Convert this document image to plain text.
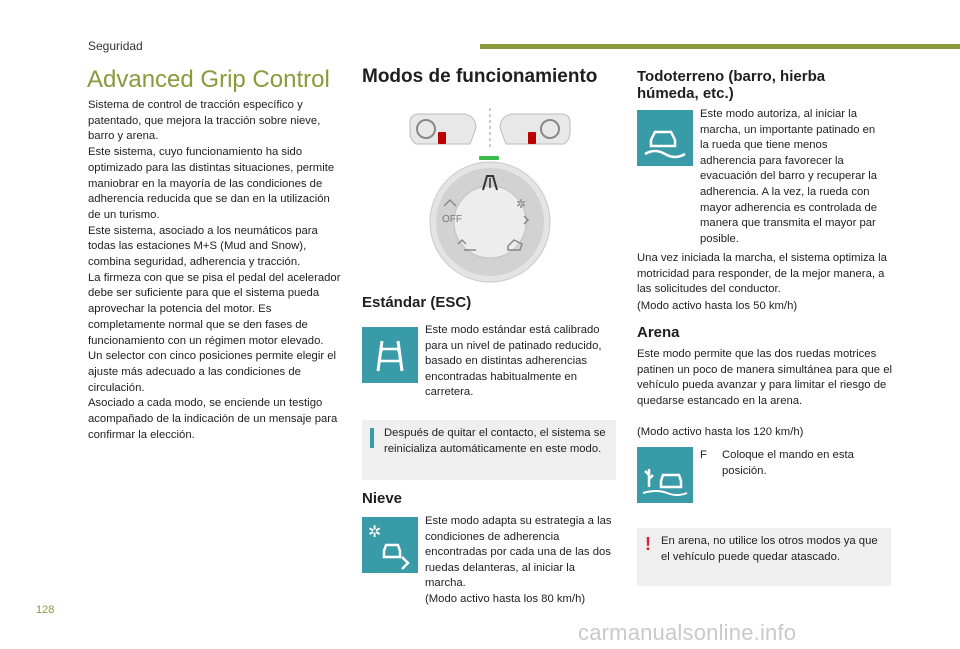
Seguridad
Advanced Grip Control

Sistema de control de tracción específico y patentado, que mejora la tracción sobre nieve, barro y arena.

Este sistema, cuyo funcionamiento ha sido optimizado para las distintas situaciones, permite maniobrar en la mayoría de las condiciones de adherencia reducida que se dan en la utilización de un turismo.

Este sistema, asociado a los neumáticos para todas las estaciones M+S (Mud and Snow), combina seguridad, adherencia y tracción.

La firmeza con que se pisa el pedal del acelerador debe ser suficiente para que el sistema pueda aprovechar la potencia del motor. Es completamente normal que se den fases de funcionamiento con un régimen motor elevado.

Un selector con cinco posiciones permite elegir el ajuste más adecuado a las condiciones de circulación.

Asociado a cada modo, se enciende un testigo acompañado de la indicación de un mensaje para confirmar la elección.

Modos de funcionamiento
OFF
✲
Estándar (ESC)

Este modo estándar está calibrado para un nivel de patinado reducido, basado en distintas adherencias encontradas habitualmente en carretera.

Después de quitar el contacto, el sistema se reinicializa automáticamente en este modo.

Nieve
✲

Este modo adapta su estrategia a las condiciones de adherencia encontradas por cada una de las dos ruedas delanteras, al iniciar la marcha.

(Modo activo hasta los 80 km/h)

Todoterreno (barro, hierba húmeda, etc.)

Este modo autoriza, al iniciar la marcha, un importante patinado en la rueda que tiene menos adherencia para favorecer la evacuación del barro y recuperar la adherencia. A la vez, la rueda con mayor adherencia es controlada de manera que transmita el mayor par posible.

Una vez iniciada la marcha, el sistema optimiza la motricidad para responder, de la mejor manera, a las solicitudes del conductor.

(Modo activo hasta los 50 km/h)

Arena

Este modo permite que las dos ruedas motrices patinen un poco de manera simultánea para que el vehículo pueda avanzar y para limitar el riesgo de quedarse estancado en la arena.

(Modo activo hasta los 120 km/h)

F Coloque el mando en esta posición.

! En arena, no utilice los otros modos ya que el vehículo puede quedar atascado.

128
carmanualsonline.info
